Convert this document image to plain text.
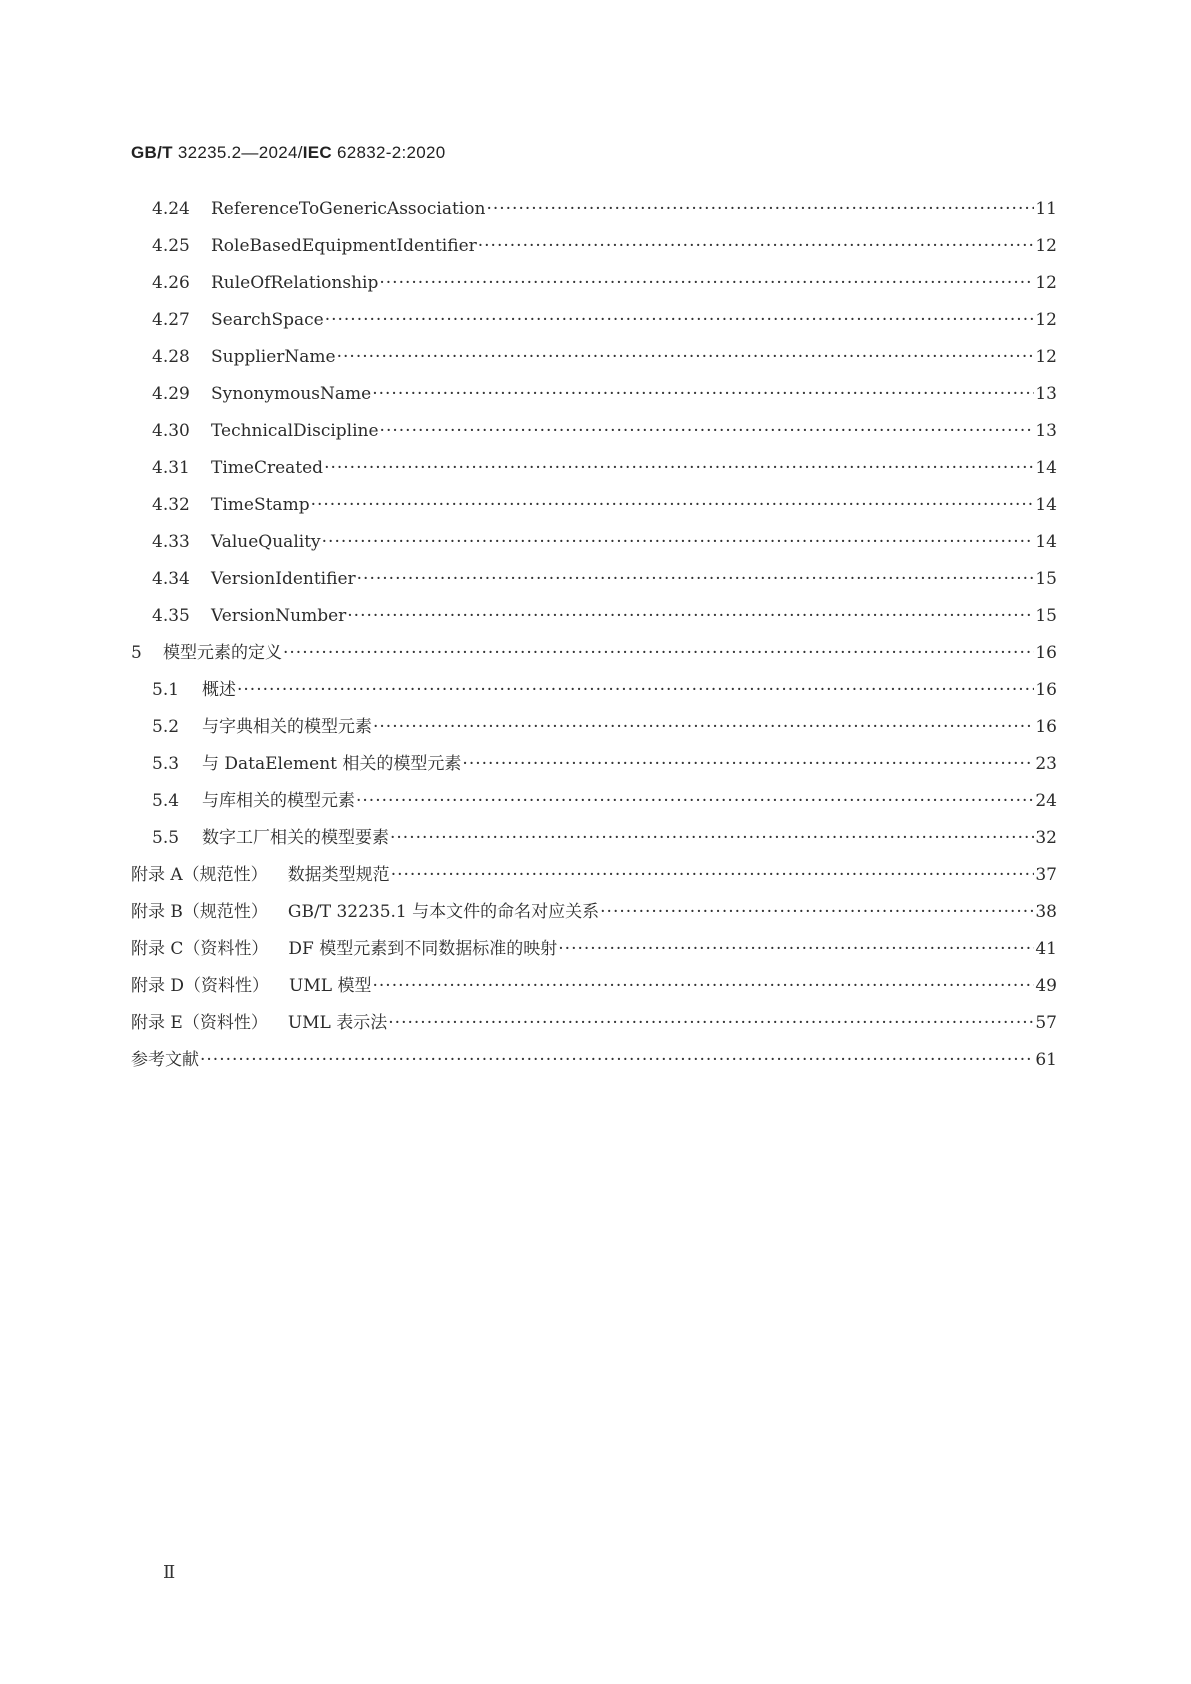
GB/T 32235.2—2024/IEC 62832-2:2020
4.24	ReferenceToGenericAssociation ·····	11
4.25	RoleBasedEquipmentIdentifier ·····	12
4.26	RuleOfRelationship ·····	12
4.27	SearchSpace ·····	12
4.28	SupplierName ·····	12
4.29	SynonymousName ·····	13
4.30	TechnicalDiscipline ·····	13
4.31	TimeCreated ·····	14
4.32	TimeStamp ·····	14
4.33	ValueQuality ·····	14
4.34	VersionIdentifier ·····	15
4.35	VersionNumber ·····	15
5	模型元素的定义 ·····	16
5.1	概述 ·····	16
5.2	与字典相关的模型元素 ·····	16
5.3	与 DataElement 相关的模型元素 ·····	23
5.4	与库相关的模型元素 ·····	24
5.5	数字工厂相关的模型要素 ·····	32
附录 A（规范性） 数据类型规范 ·····	37
附录 B（规范性） GB/T 32235.1 与本文件的命名对应关系 ·····	38
附录 C（资料性） DF 模型元素到不同数据标准的映射 ·····	41
附录 D（资料性） UML 模型 ·····	49
附录 E（资料性） UML 表示法 ·····	57
参考文献 ·····	61
Ⅱ
